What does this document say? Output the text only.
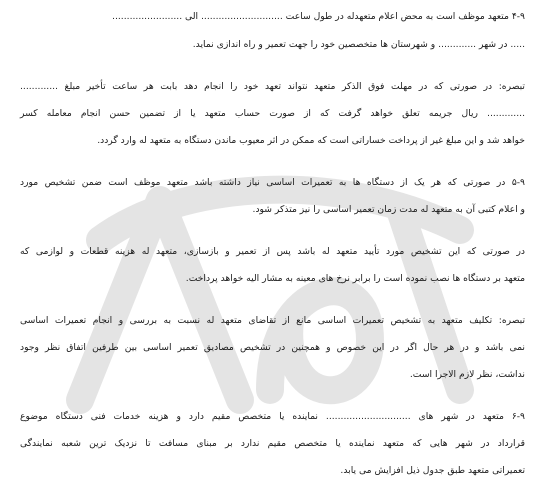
۴-۹ متعهد موظف است به محض اعلام متعهدله در طول ساعت ............................ الی ........................
..... در شهر ............. و شهرستان ها متخصصین خود را جهت تعمیر و راه اندازی نماید.
تبصره: در صورتی که در مهلت فوق الذکر متعهد نتواند تعهد خود را انجام دهد بابت هر ساعت تأخیر مبلغ .............
............. ریال جریمه تعلق خواهد گرفت که از صورت حساب متعهد یا از تضمین حسن انجام معامله کسر
خواهد شد و این مبلغ غیر از پرداخت خساراتی است که ممکن در اثر معیوب ماندن دستگاه به متعهد له وارد گردد.
۵-۹ در صورتی که هر یک از دستگاه ها به تعمیرات اساسی نیاز داشته باشد متعهد موظف است ضمن تشخیص مورد
و اعلام کتبی آن به متعهد له مدت زمان تعمیر اساسی را نیز متذکر شود.
در صورتی که این تشخیص مورد تأیید متعهد له باشد پس از تعمیر و بازسازی، متعهد له هزینه قطعات و لوازمی که
متعهد بر دستگاه ها نصب نموده است را برابر نرخ های معینه به مشار الیه خواهد پرداخت.
تبصره: تکلیف متعهد به تشخیص تعمیرات اساسی مانع از تقاضای متعهد له نسبت به بررسی و انجام تعمیرات اساسی
نمی باشد و در هر حال اگر در این خصوص و همچنین در تشخیص مصادیق تعمیر اساسی بین طرفین اتفاق نظر وجود
نداشت، نظر لازم الاجرا است.
۶-۹ متعهد در شهر های ............................. نماینده یا متخصص مقیم دارد و هزینه خدمات فنی دستگاه موضوع
قرارداد در شهر هایی که متعهد نماینده یا متخصص مقیم ندارد بر مبنای مسافت تا نزدیک ترین شعبه نمایندگی
تعمیراتی متعهد طبق جدول ذیل افزایش می یابد.
